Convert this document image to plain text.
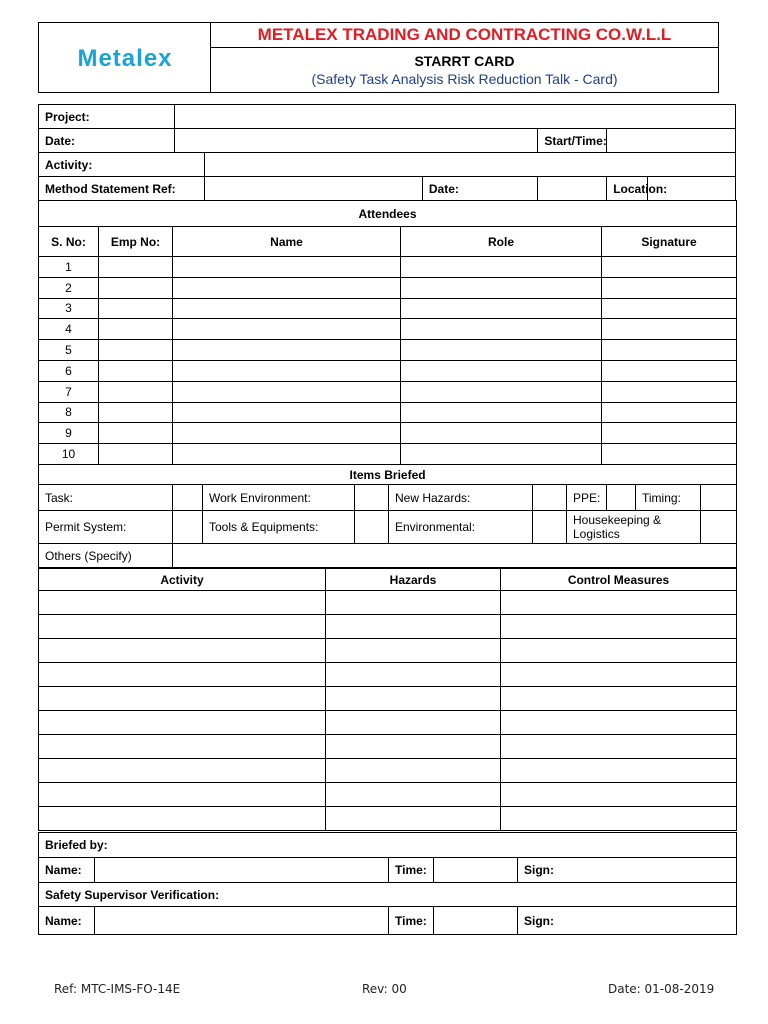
Metalex
	METALEX TRADING AND CONTRACTING CO.W.L.L

STARRT CARD
(Safety Task Analysis Risk Reduction Talk - Card)
Project:						
Date:				Start/Time:		
Activity:						
Method Statement Ref:			Date:		Location:	
Attendees				
S. No:	Emp No:	Name	Role	Signature
1				
2				
3				
4				
5				
6				
7				
8				
9				
10				
Items Briefed									
Task:		Work Environment:		New Hazards:		PPE:		Timing:	
Permit System:		Tools & Equipments:		Environmental:		Housekeeping & Logistics			
Others (Specify)									
Activity	Hazards	Control Measures

Briefed by:				
Name:		Time:		Sign:
Safety Supervisor Verification:				
Name:		Time:		Sign:
Ref: MTC-IMS-FO-14E	Rev: 00	Date: 01-08-2019
